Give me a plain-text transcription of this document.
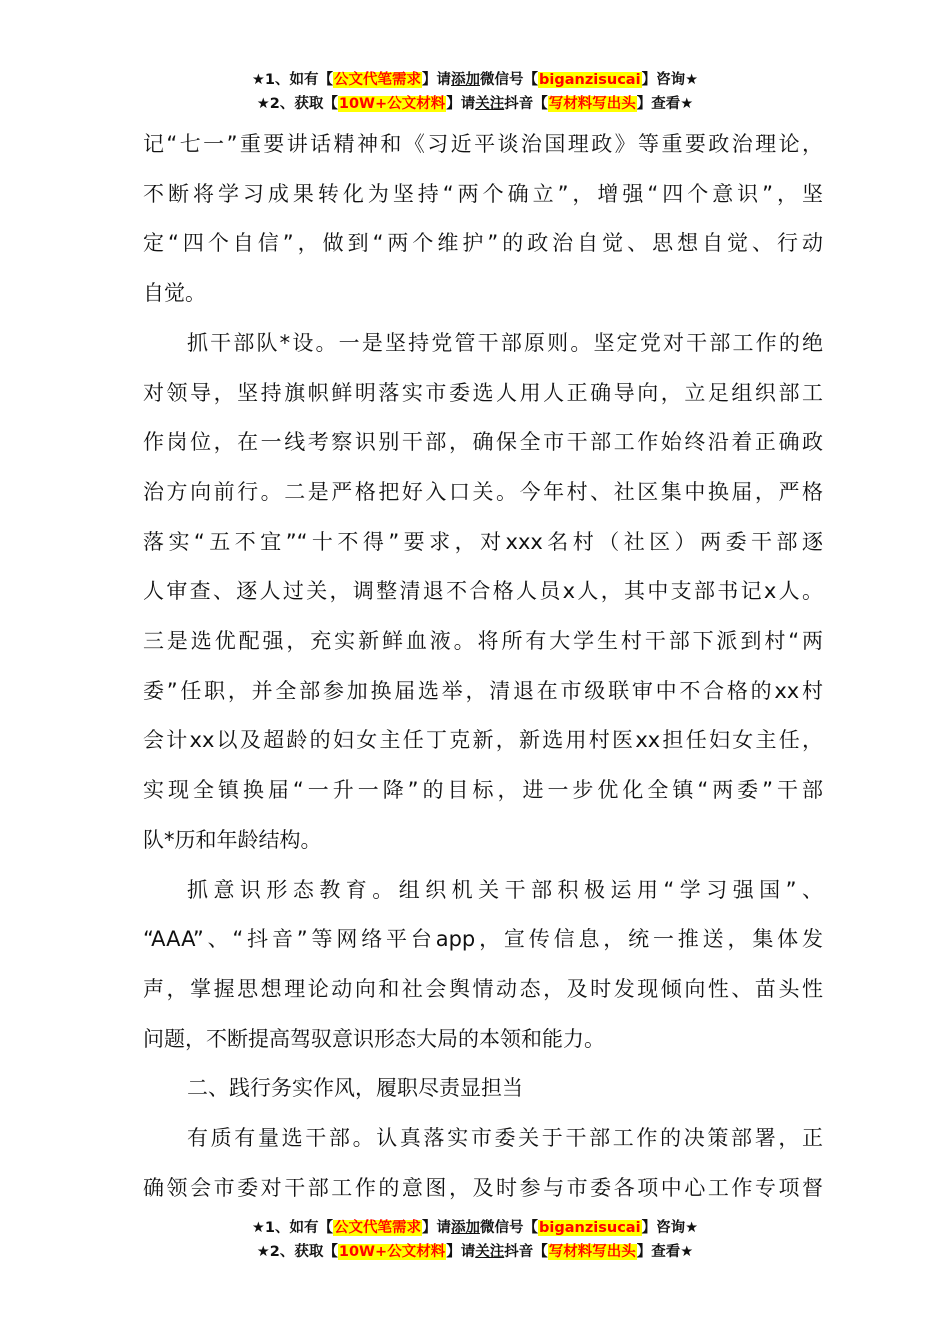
★1、如有【公文代笔需求】请添加微信号【biganzisucai】咨询★
★2、获取【10W+公文材料】请关注抖音【写材料写出头】查看★

记“七一”重要讲话精神和《习近平谈治国理政》等重要政治理论，

不断将学习成果转化为坚持“两个确立”，增强“四个意识”，坚

定“四个自信”，做到“两个维护”的政治自觉、思想自觉、行动

自觉。

抓干部队*设。一是坚持党管干部原则。坚定党对干部工作的绝

对领导，坚持旗帜鲜明落实市委选人用人正确导向，立足组织部工

作岗位，在一线考察识别干部，确保全市干部工作始终沿着正确政

治方向前行。二是严格把好入口关。今年村、社区集中换届，严格

落实“五不宜”“十不得”要求，对xxx名村（社区）两委干部逐

人审查、逐人过关，调整清退不合格人员x人，其中支部书记x人。

三是选优配强，充实新鲜血液。将所有大学生村干部下派到村“两

委”任职，并全部参加换届选举，清退在市级联审中不合格的xx村

会计xx以及超龄的妇女主任丁克新，新选用村医xx担任妇女主任，

实现全镇换届“一升一降”的目标，进一步优化全镇“两委”干部

队*历和年龄结构。

抓意识形态教育。组织机关干部积极运用“学习强国”、

“AAA”、“抖音”等网络平台app，宣传信息，统一推送，集体发

声，掌握思想理论动向和社会舆情动态，及时发现倾向性、苗头性

问题，不断提高驾驭意识形态大局的本领和能力。

二、践行务实作风，履职尽责显担当

有质有量选干部。认真落实市委关于干部工作的决策部署，正

确领会市委对干部工作的意图，及时参与市委各项中心工作专项督

★1、如有【公文代笔需求】请添加微信号【biganzisucai】咨询★
★2、获取【10W+公文材料】请关注抖音【写材料写出头】查看★
